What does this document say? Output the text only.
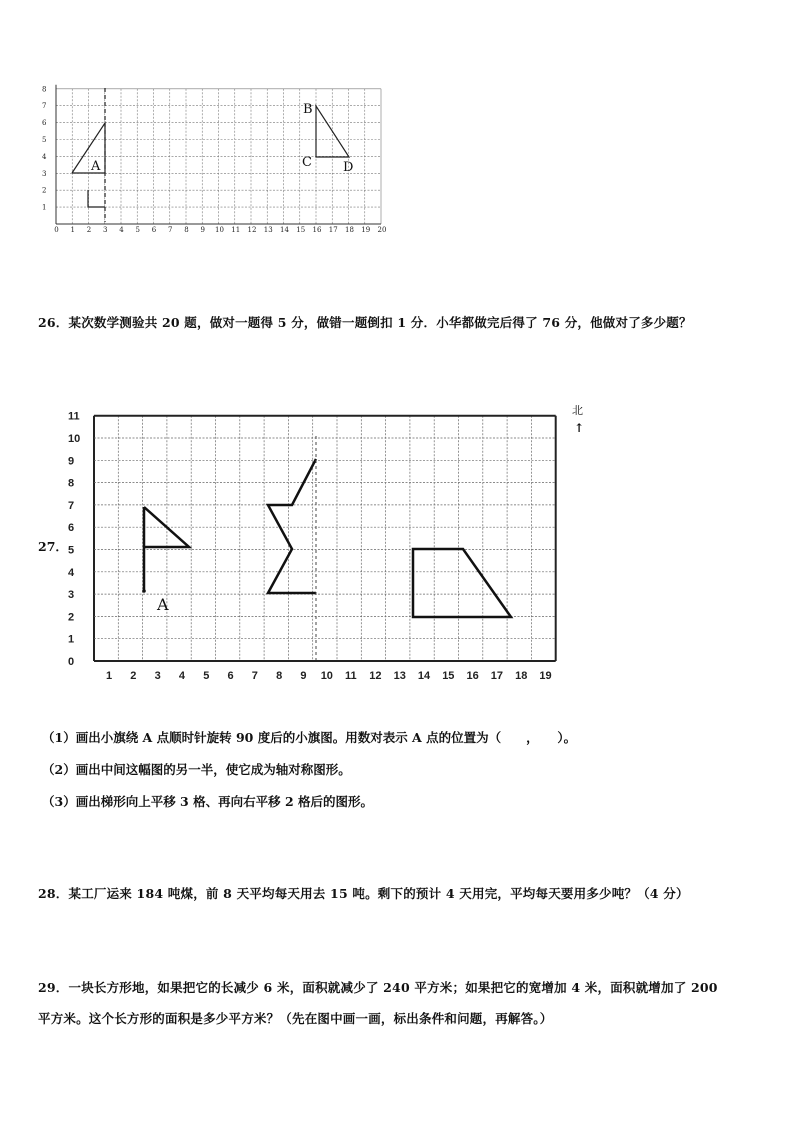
0 1 2 3 4 5 6 7 8 9 10 11 12 13 14 15 16 17 18 19 20
1
2
3
4
5
6
7
8
A
B
C D
26．某次数学测验共 20 题，做对一题得 5 分，做错一题倒扣 1 分．小华都做完后得了 76 分，他做对了多少题？
27．
1 2 3 4 5 6 7 8 9 10 11 12 13 14 15 16 17 18 19
0
1
2
3
4
5
6
7
8
9
10
11	北
↑
A
（1）画出小旗绕 A 点顺时针旋转 90 度后的小旗图。用数对表示 A 点的位置为（　　，　　）。
（2）画出中间这幅图的另一半，使它成为轴对称图形。
（3）画出梯形向上平移 3 格、再向右平移 2 格后的图形。
28．某工厂运来 184 吨煤，前 8 天平均每天用去 15 吨。剩下的预计 4 天用完，平均每天要用多少吨？（4 分）
29．一块长方形地，如果把它的长减少 6 米，面积就减少了 240 平方米；如果把它的宽增加 4 米，面积就增加了 200
平方米。这个长方形的面积是多少平方米？（先在图中画一画，标出条件和问题，再解答。）
